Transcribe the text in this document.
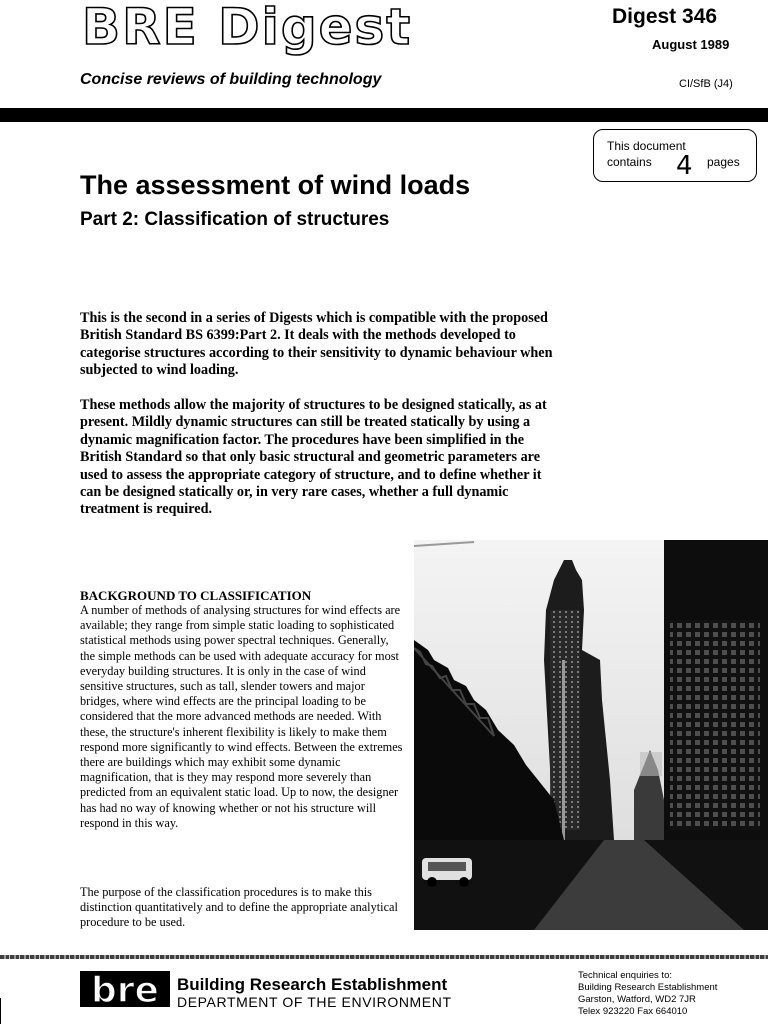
BRE Digest
Concise reviews of building technology
Digest 346
August 1989
CI/SfB (J4)
This document
contains 4 pages
The assessment of wind loads
Part 2: Classification of structures

This is the second in a series of Digests which is compatible with the proposed British Standard BS 6399:Part 2. It deals with the methods developed to categorise structures according to their sensitivity to dynamic behaviour when subjected to wind loading.

These methods allow the majority of structures to be designed statically, as at present. Mildly dynamic structures can still be treated statically by using a dynamic magnification factor. The procedures have been simplified in the British Standard so that only basic structural and geometric parameters are used to assess the appropriate category of structure, and to define whether it can be designed statically or, in very rare cases, whether a full dynamic treatment is required.

BACKGROUND TO CLASSIFICATION

A number of methods of analysing structures for wind effects are available; they range from simple static loading to sophisticated statistical methods using power spectral techniques. Generally, the simple methods can be used with adequate accuracy for most everyday building structures. It is only in the case of wind sensitive structures, such as tall, slender towers and major bridges, where wind effects are the principal loading to be considered that the more advanced methods are needed. With these, the structure's inherent flexibility is likely to make them respond more significantly to wind effects. Between the extremes there are buildings which may exhibit some dynamic magnification, that is they may respond more severely than predicted from an equivalent static load. Up to now, the designer has had no way of knowing whether or not his structure will respond in this way.

The purpose of the classification procedures is to make this distinction quantitatively and to define the appropriate analytical procedure to be used.

bre Building Research Establishment
DEPARTMENT OF THE ENVIRONMENT
Technical enquiries to:
Building Research Establishment
Garston, Watford, WD2 7JR
Telex 923220 Fax 664010
